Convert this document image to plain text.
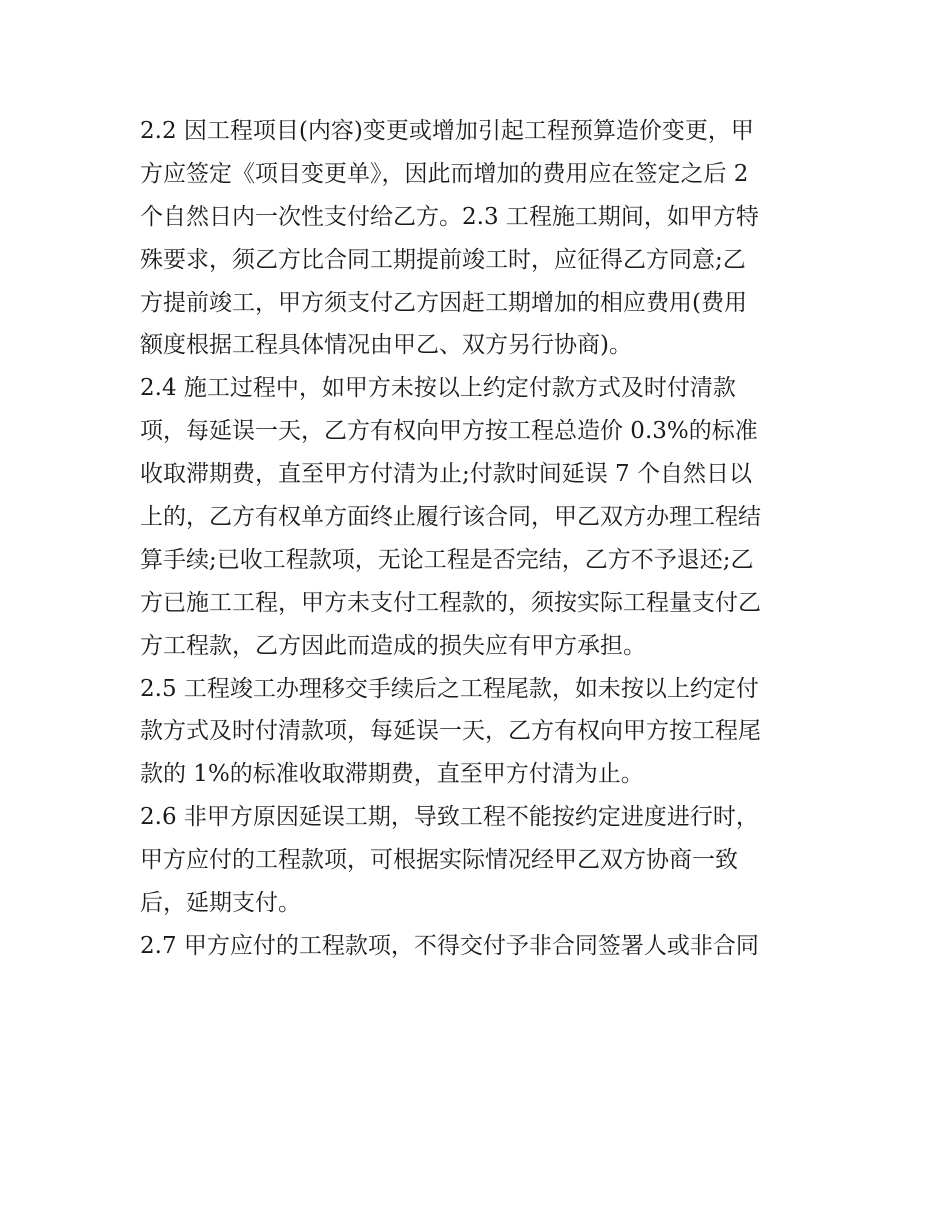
2.2 因工程项目(内容)变更或增加引起工程预算造价变更，甲
方应签定《项目变更单》，因此而增加的费用应在签定之后 2
个自然日内一次性支付给乙方。2.3 工程施工期间，如甲方特
殊要求，须乙方比合同工期提前竣工时，应征得乙方同意;乙
方提前竣工，甲方须支付乙方因赶工期增加的相应费用(费用
额度根据工程具体情况由甲乙、双方另行协商)。
2.4 施工过程中，如甲方未按以上约定付款方式及时付清款
项，每延误一天，乙方有权向甲方按工程总造价 0.3%的标准
收取滞期费，直至甲方付清为止;付款时间延误 7 个自然日以
上的，乙方有权单方面终止履行该合同，甲乙双方办理工程结
算手续;已收工程款项，无论工程是否完结，乙方不予退还;乙
方已施工工程，甲方未支付工程款的，须按实际工程量支付乙
方工程款，乙方因此而造成的损失应有甲方承担。
2.5 工程竣工办理移交手续后之工程尾款，如未按以上约定付
款方式及时付清款项，每延误一天，乙方有权向甲方按工程尾
款的 1%的标准收取滞期费，直至甲方付清为止。
2.6 非甲方原因延误工期，导致工程不能按约定进度进行时，
甲方应付的工程款项，可根据实际情况经甲乙双方协商一致
后，延期支付。
2.7 甲方应付的工程款项，不得交付予非合同签署人或非合同
